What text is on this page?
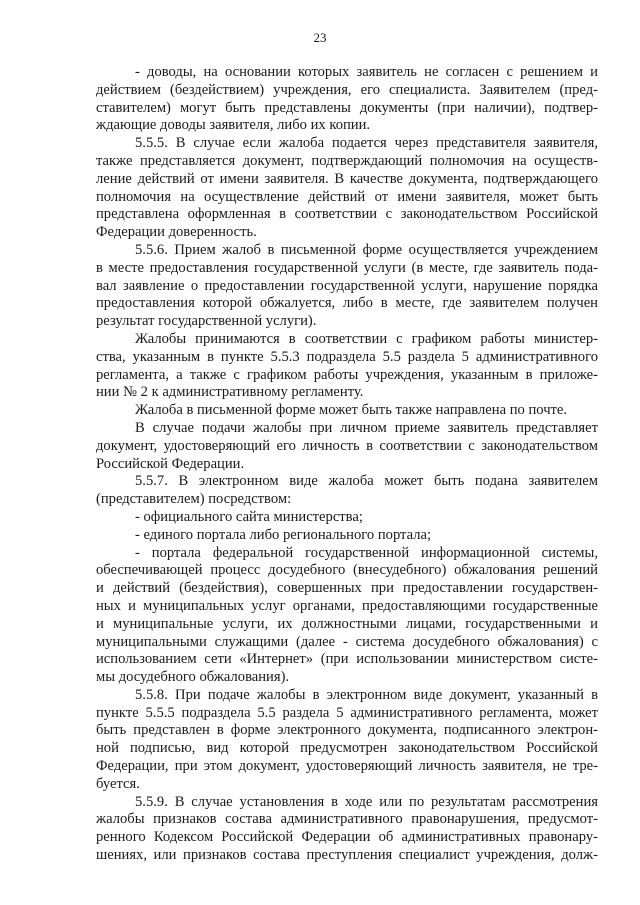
23

- доводы, на основании которых заявитель не согласен с решением и
действием (бездействием) учреждения, его специалиста. Заявителем (пред-
ставителем) могут быть представлены документы (при наличии), подтвер-
ждающие доводы заявителя, либо их копии.

5.5.5. В случае если жалоба подается через представителя заявителя,
также представляется документ, подтверждающий полномочия на осуществ-
ление действий от имени заявителя. В качестве документа, подтверждающего
полномочия на осуществление действий от имени заявителя, может быть
представлена оформленная в соответствии с законодательством Российской
Федерации доверенность.

5.5.6. Прием жалоб в письменной форме осуществляется учреждением
в месте предоставления государственной услуги (в месте, где заявитель пода-
вал заявление о предоставлении государственной услуги, нарушение порядка
предоставления которой обжалуется, либо в месте, где заявителем получен
результат государственной услуги).

Жалобы принимаются в соответствии с графиком работы министер-
ства, указанным в пункте 5.5.3 подраздела 5.5 раздела 5 административного
регламента, а также с графиком работы учреждения, указанным в приложе-
нии № 2 к административному регламенту.

Жалоба в письменной форме может быть также направлена по почте.

В случае подачи жалобы при личном приеме заявитель представляет
документ, удостоверяющий его личность в соответствии с законодательством
Российской Федерации.

5.5.7. В электронном виде жалоба может быть подана заявителем
(представителем) посредством:

- официального сайта министерства;

- единого портала либо регионального портала;

- портала федеральной государственной информационной системы,
обеспечивающей процесс досудебного (внесудебного) обжалования решений
и действий (бездействия), совершенных при предоставлении государствен-
ных и муниципальных услуг органами, предоставляющими государственные
и муниципальные услуги, их должностными лицами, государственными и
муниципальными служащими (далее - система досудебного обжалования) с
использованием сети «Интернет» (при использовании министерством систе-
мы досудебного обжалования).

5.5.8. При подаче жалобы в электронном виде документ, указанный в
пункте 5.5.5 подраздела 5.5 раздела 5 административного регламента, может
быть представлен в форме электронного документа, подписанного электрон-
ной подписью, вид которой предусмотрен законодательством Российской
Федерации, при этом документ, удостоверяющий личность заявителя, не тре-
буется.

5.5.9. В случае установления в ходе или по результатам рассмотрения
жалобы признаков состава административного правонарушения, предусмот-
ренного Кодексом Российской Федерации об административных правонару-
шениях, или признаков состава преступления специалист учреждения, долж-
